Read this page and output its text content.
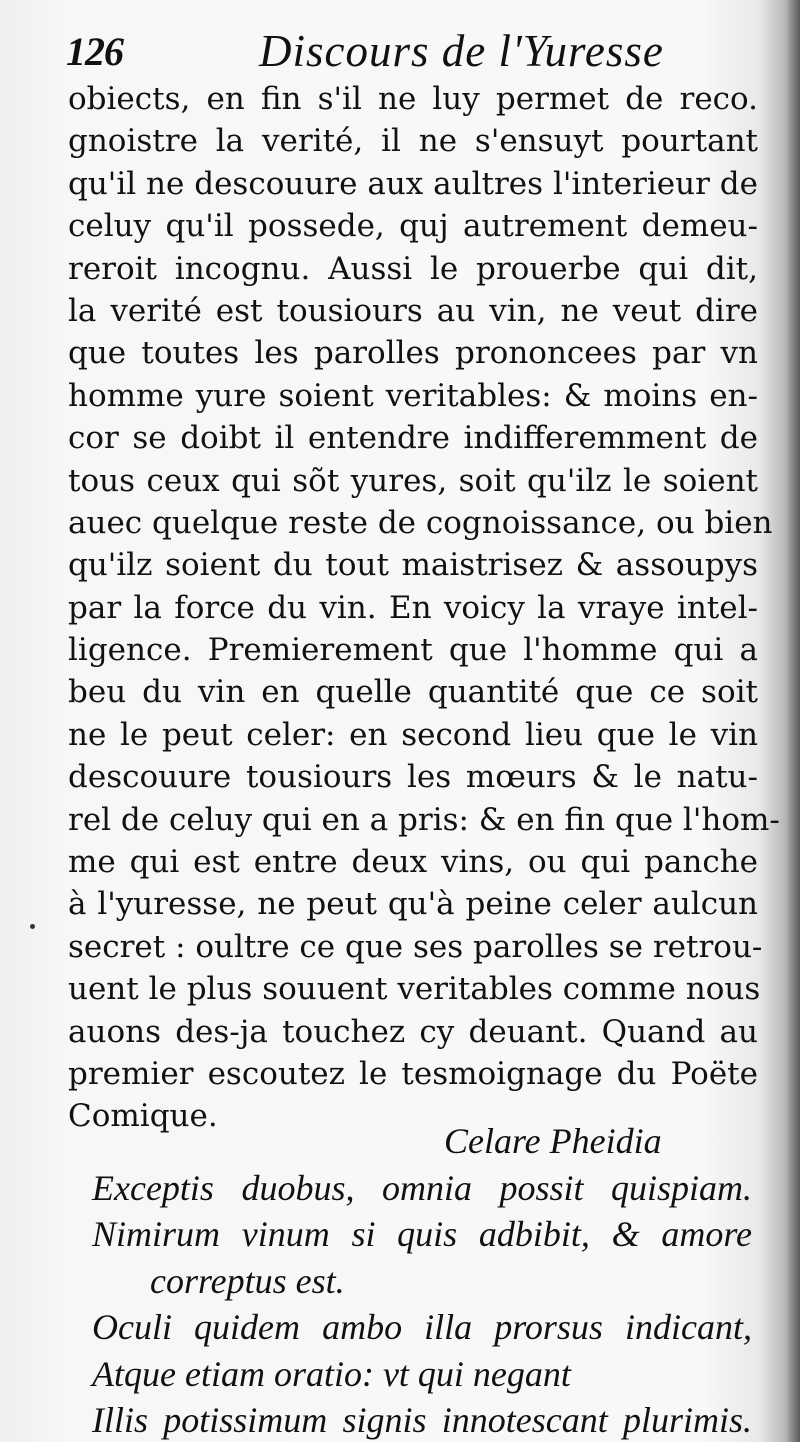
126	Discours de l'Yuresse
obiects, en fin s'il ne luy permet de reco.
gnoistre la verité, il ne s'ensuyt pourtant
qu'il ne descouure aux aultres l'interieur de
celuy qu'il possede, quj autrement demeu-
reroit incognu. Aussi le prouerbe qui dit,
la verité est tousiours au vin, ne veut dire
que toutes les parolles prononcees par vn
homme yure soient veritables: & moins en-
cor se doibt il entendre indifferemment de
tous ceux qui sõt yures, soit qu'ilz le soient
auec quelque reste de cognoissance, ou bien
qu'ilz soient du tout maistrisez & assoupys
par la force du vin. En voicy la vraye intel-
ligence. Premierement que l'homme qui a
beu du vin en quelle quantité que ce soit
ne le peut celer: en second lieu que le vin
descouure tousiours les mœurs & le natu-
rel de celuy qui en a pris: & en fin que l'hom-
me qui est entre deux vins, ou qui panche
à l'yuresse, ne peut qu'à peine celer aulcun
secret : oultre ce que ses parolles se retrou-
uent le plus souuent veritables comme nous
auons des-ja touchez cy deuant. Quand au
premier escoutez le tesmoignage du Poëte
Comique.
Celare Pheidia
Exceptis duobus, omnia possit quispiam.
Nimirum vinum si quis adbibit, & amore
correptus est.
Oculi quidem ambo illa prorsus indicant,
Atque etiam oratio: vt qui negant
Illis potissimum signis innotescant plurimis.
